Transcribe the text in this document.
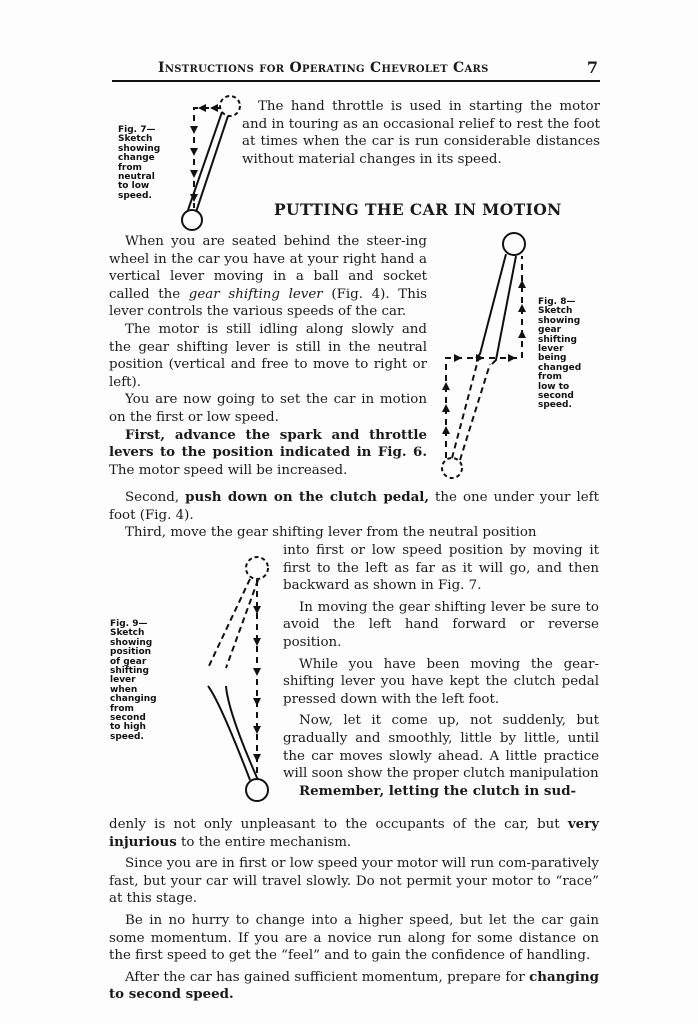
Instructions for Operating Chevrolet Cars	7
Fig. 7—
Sketch
showing
change
from
neutral
to low
speed.

The hand throttle is used in starting the motor and in touring as an occasional relief to rest the foot at times when the car is run considerable distances without material changes in its speed.

PUTTING THE CAR IN MOTION

When you are seated behind the steer-ing wheel in the car you have at your right hand a vertical lever moving in a ball and socket called the gear shifting lever (Fig. 4). This lever controls the various speeds of the car.

The motor is still idling along slowly and the gear shifting lever is still in the neutral position (vertical and free to move to right or left).

You are now going to set the car in motion on the first or low speed.

First, advance the spark and throttle levers to the position indicated in Fig. 6. The motor speed will be increased.

Fig. 8—
Sketch
showing
gear
shifting
lever
being
changed
from
low to
second
speed.

Second, push down on the clutch pedal, the one under your left foot (Fig. 4).

Third, move the gear shifting lever from the neutral position

Fig. 9—
Sketch
showing
position
of gear
shifting
lever
when
changing
from
second
to high
speed.

into first or low speed position by moving it first to the left as far as it will go, and then backward as shown in Fig. 7.

In moving the gear shifting lever be sure to avoid the left hand forward or reverse position.

While you have been moving the gear-shifting lever you have kept the clutch pedal pressed down with the left foot.

Now, let it come up, not suddenly, but gradually and smoothly, little by little, until the car moves slowly ahead. A little practice will soon show the proper clutch manipulation

Remember, letting the clutch in sud-

denly is not only unpleasant to the occupants of the car, but very injurious to the entire mechanism.

Since you are in first or low speed your motor will run com-paratively fast, but your car will travel slowly. Do not permit your motor to “race” at this stage.

Be in no hurry to change into a higher speed, but let the car gain some momentum. If you are a novice run along for some distance on the first speed to get the “feel” and to gain the confidence of handling.

After the car has gained sufficient momentum, prepare for changing to second speed.
